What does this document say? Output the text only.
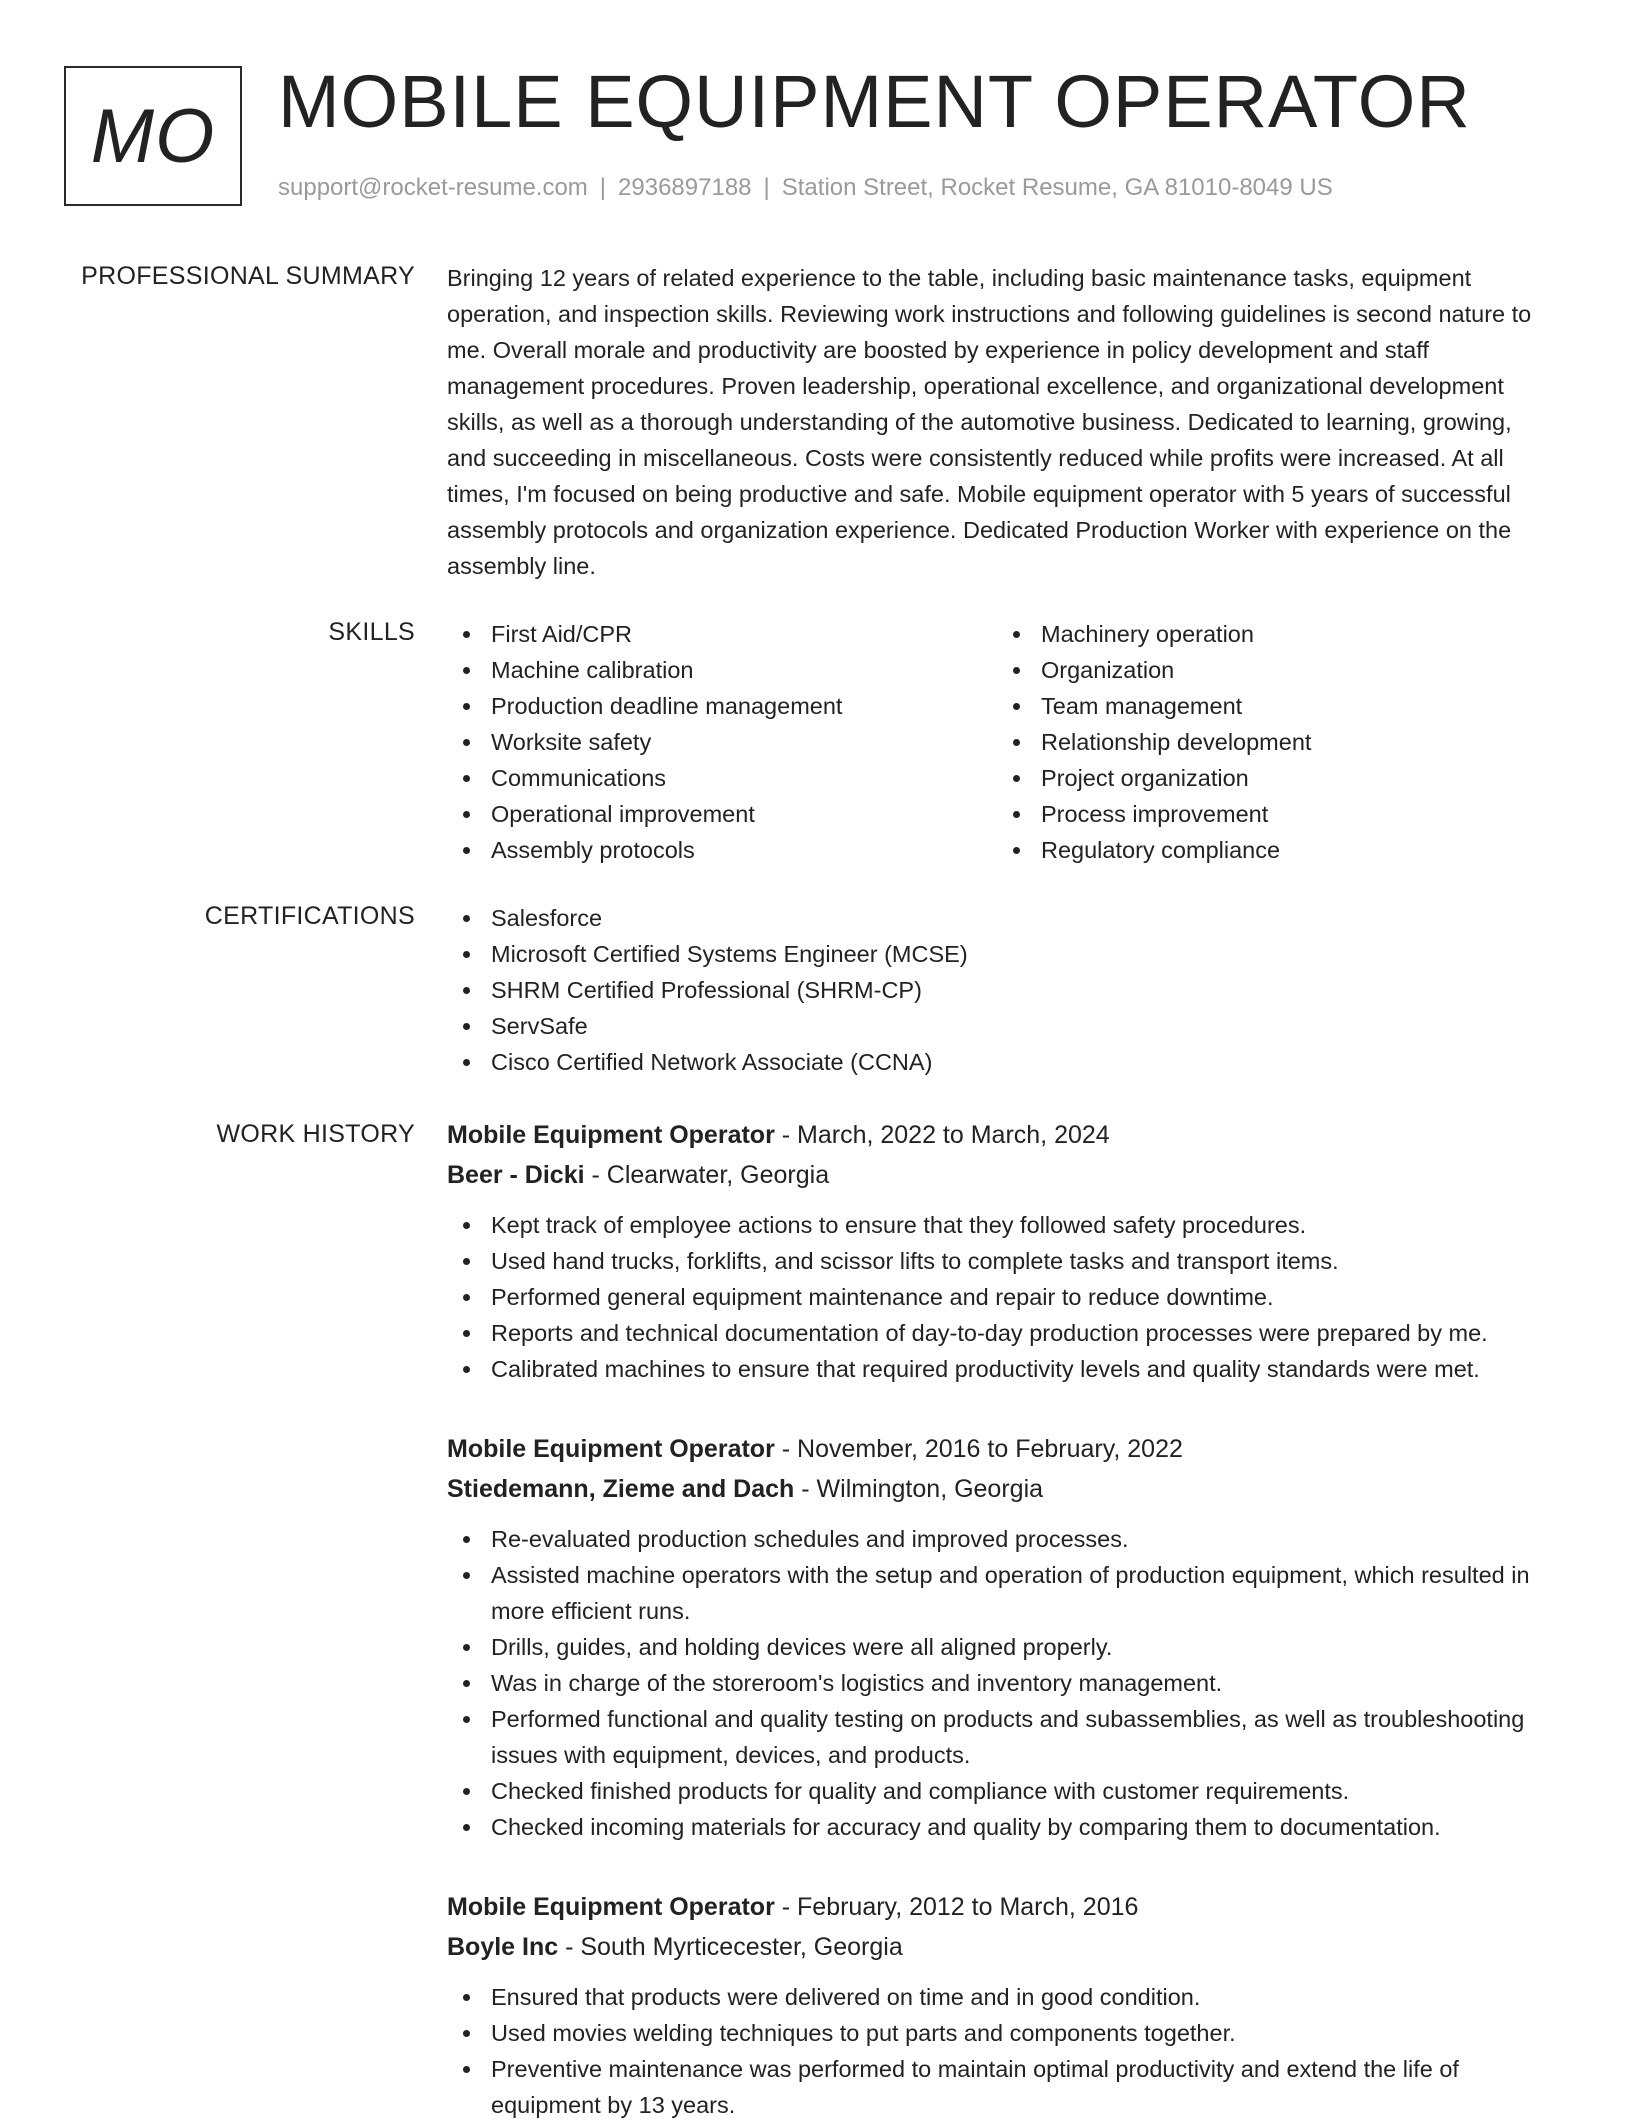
MO MOBILE EQUIPMENT OPERATOR
support@rocket-resume.com | 2936897188 | Station Street, Rocket Resume, GA 81010-8049 US
PROFESSIONAL SUMMARY Bringing 12 years of related experience to the table, including basic maintenance tasks, equipment operation, and inspection skills. Reviewing work instructions and following guidelines is second nature to me. Overall morale and productivity are boosted by experience in policy development and staff management procedures. Proven leadership, operational excellence, and organizational development skills, as well as a thorough understanding of the automotive business. Dedicated to learning, growing, and succeeding in miscellaneous. Costs were consistently reduced while profits were increased. At all times, I'm focused on being productive and safe. Mobile equipment operator with 5 years of successful assembly protocols and organization experience. Dedicated Production Worker with experience on the assembly line.

SKILLS	First Aid/CPR
Machine calibration
Production deadline management
Worksite safety
Communications
Operational improvement
Assembly protocols
Machinery operation
Organization
Team management
Relationship development
Project organization
Process improvement
Regulatory compliance
CERTIFICATIONS	Salesforce
Microsoft Certified Systems Engineer (MCSE)
SHRM Certified Professional (SHRM-CP)
ServSafe
Cisco Certified Network Associate (CCNA)
WORK HISTORY Mobile Equipment Operator - March, 2022 to March, 2024
Beer - Dicki - Clearwater, Georgia
Kept track of employee actions to ensure that they followed safety procedures.
Used hand trucks, forklifts, and scissor lifts to complete tasks and transport items.
Performed general equipment maintenance and repair to reduce downtime.
Reports and technical documentation of day-to-day production processes were prepared by me.
Calibrated machines to ensure that required productivity levels and quality standards were met.
Mobile Equipment Operator - November, 2016 to February, 2022
Stiedemann, Zieme and Dach - Wilmington, Georgia
Re-evaluated production schedules and improved processes.
Assisted machine operators with the setup and operation of production equipment, which resulted in more efficient runs.
Drills, guides, and holding devices were all aligned properly.
Was in charge of the storeroom's logistics and inventory management.
Performed functional and quality testing on products and subassemblies, as well as troubleshooting issues with equipment, devices, and products.
Checked finished products for quality and compliance with customer requirements.
Checked incoming materials for accuracy and quality by comparing them to documentation.
Mobile Equipment Operator - February, 2012 to March, 2016
Boyle Inc - South Myrticecester, Georgia
Ensured that products were delivered on time and in good condition.
Used movies welding techniques to put parts and components together.
Preventive maintenance was performed to maintain optimal productivity and extend the life of equipment by 13 years.
